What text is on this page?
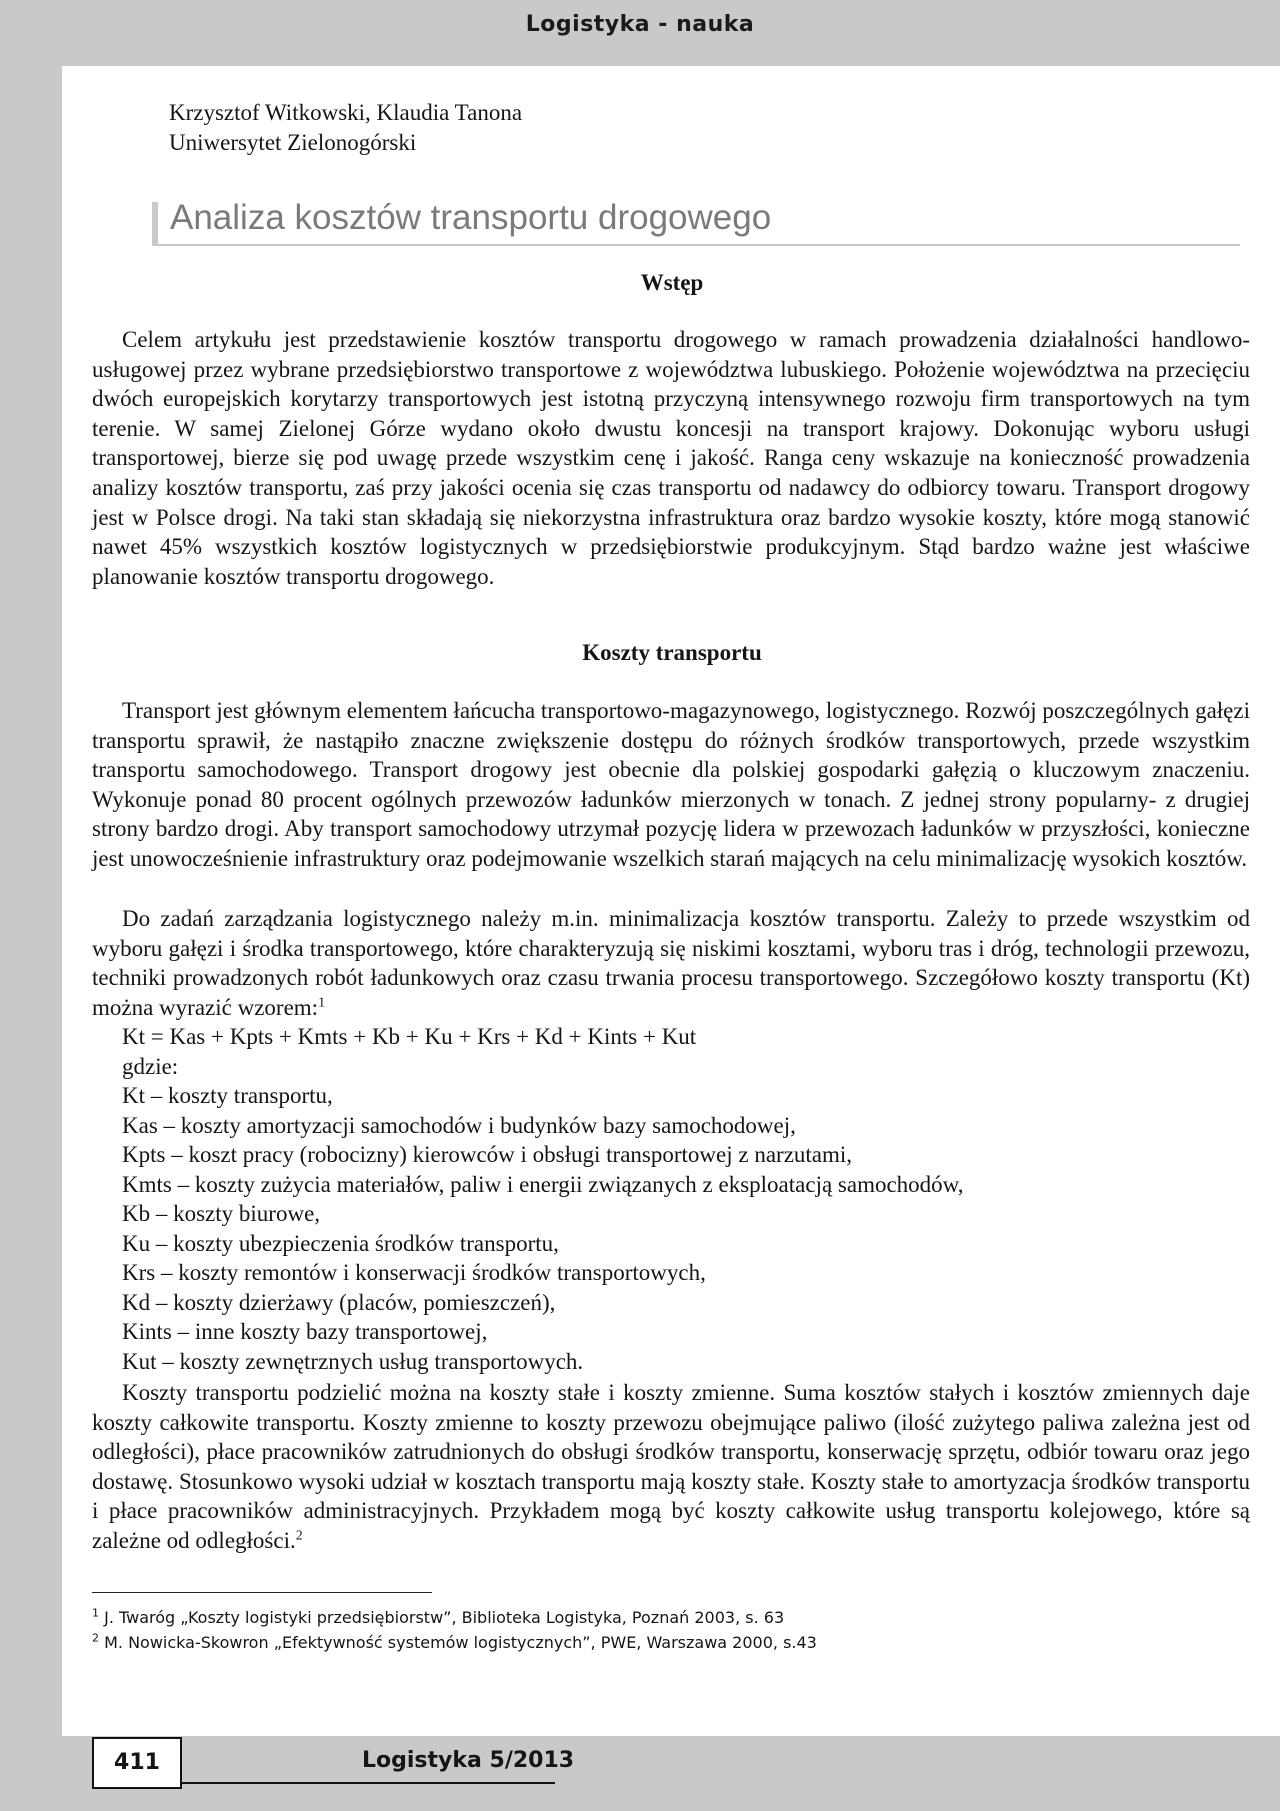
Logistyka - nauka
Krzysztof Witkowski, Klaudia Tanona
Uniwersytet Zielonogórski
Analiza kosztów transportu drogowego
Wstęp
Celem artykułu jest przedstawienie kosztów transportu drogowego w ramach prowadzenia działalności handlowo- usługowej przez wybrane przedsiębiorstwo transportowe z województwa lubuskiego. Położenie województwa na przecięciu dwóch europejskich korytarzy transportowych jest istotną przyczyną intensywnego rozwoju firm transportowych na tym terenie. W samej Zielonej Górze wydano około dwustu koncesji na transport krajowy. Dokonując wyboru usługi transportowej, bierze się pod uwagę przede wszystkim cenę i jakość. Ranga ceny wskazuje na konieczność prowadzenia analizy kosztów transportu, zaś przy jakości ocenia się czas transportu od nadawcy do odbiorcy towaru. Transport drogowy jest w Polsce drogi. Na taki stan składają się niekorzystna infrastruktura oraz bardzo wysokie koszty, które mogą stanowić nawet 45% wszystkich kosztów logistycznych w przedsiębiorstwie produkcyjnym. Stąd bardzo ważne jest właściwe planowanie kosztów transportu drogowego.
Koszty transportu
Transport jest głównym elementem łańcucha transportowo-magazynowego, logistycznego. Rozwój poszczególnych gałęzi transportu sprawił, że nastąpiło znaczne zwiększenie dostępu do różnych środków transportowych, przede wszystkim transportu samochodowego. Transport drogowy jest obecnie dla polskiej gospodarki gałęzią o kluczowym znaczeniu. Wykonuje ponad 80 procent ogólnych przewozów ładunków mierzonych w tonach. Z jednej strony popularny- z drugiej strony bardzo drogi. Aby transport samochodowy utrzymał pozycję lidera w przewozach ładunków w przyszłości, konieczne jest unowocześnienie infrastruktury oraz podejmowanie wszelkich starań mających na celu minimalizację wysokich kosztów.
Do zadań zarządzania logistycznego należy m.in. minimalizacja kosztów transportu. Zależy to przede wszystkim od wyboru gałęzi i środka transportowego, które charakteryzują się niskimi kosztami, wyboru tras i dróg, technologii przewozu, techniki prowadzonych robót ładunkowych oraz czasu trwania procesu transportowego. Szczegółowo koszty transportu (Kt) można wyrazić wzorem:$^1$
Kt = Kas + Kpts + Kmts + Kb + Ku + Krs + Kd + Kints + Kut
gdzie:
Kt – koszty transportu,
Kas – koszty amortyzacji samochodów i budynków bazy samochodowej,
Kpts – koszt pracy (robocizny) kierowców i obsługi transportowej z narzutami,
Kmts – koszty zużycia materiałów, paliw i energii związanych z eksploatacją samochodów,
Kb – koszty biurowe,
Ku – koszty ubezpieczenia środków transportu,
Krs – koszty remontów i konserwacji środków transportowych,
Kd – koszty dzierżawy (placów, pomieszczeń),
Kints – inne koszty bazy transportowej,
Kut – koszty zewnętrznych usług transportowych.
Koszty transportu podzielić można na koszty stałe i koszty zmienne. Suma kosztów stałych i kosztów zmiennych daje koszty całkowite transportu. Koszty zmienne to koszty przewozu obejmujące paliwo (ilość zużytego paliwa zależna jest od odległości), płace pracowników zatrudnionych do obsługi środków transportu, konserwację sprzętu, odbiór towaru oraz jego dostawę. Stosunkowo wysoki udział w kosztach transportu mają koszty stałe. Koszty stałe to amortyzacja środków transportu i płace pracowników administracyjnych. Przykładem mogą być koszty całkowite usług transportu kolejowego, które są zależne od odległości.$^2$
$^1$ J. Twaróg „Koszty logistyki przedsiębiorstw”, Biblioteka Logistyka, Poznań 2003, s. 63
$^2$ M. Nowicka-Skowron „Efektywność systemów logistycznych”, PWE, Warszawa 2000, s.43
411	Logistyka 5/2013
